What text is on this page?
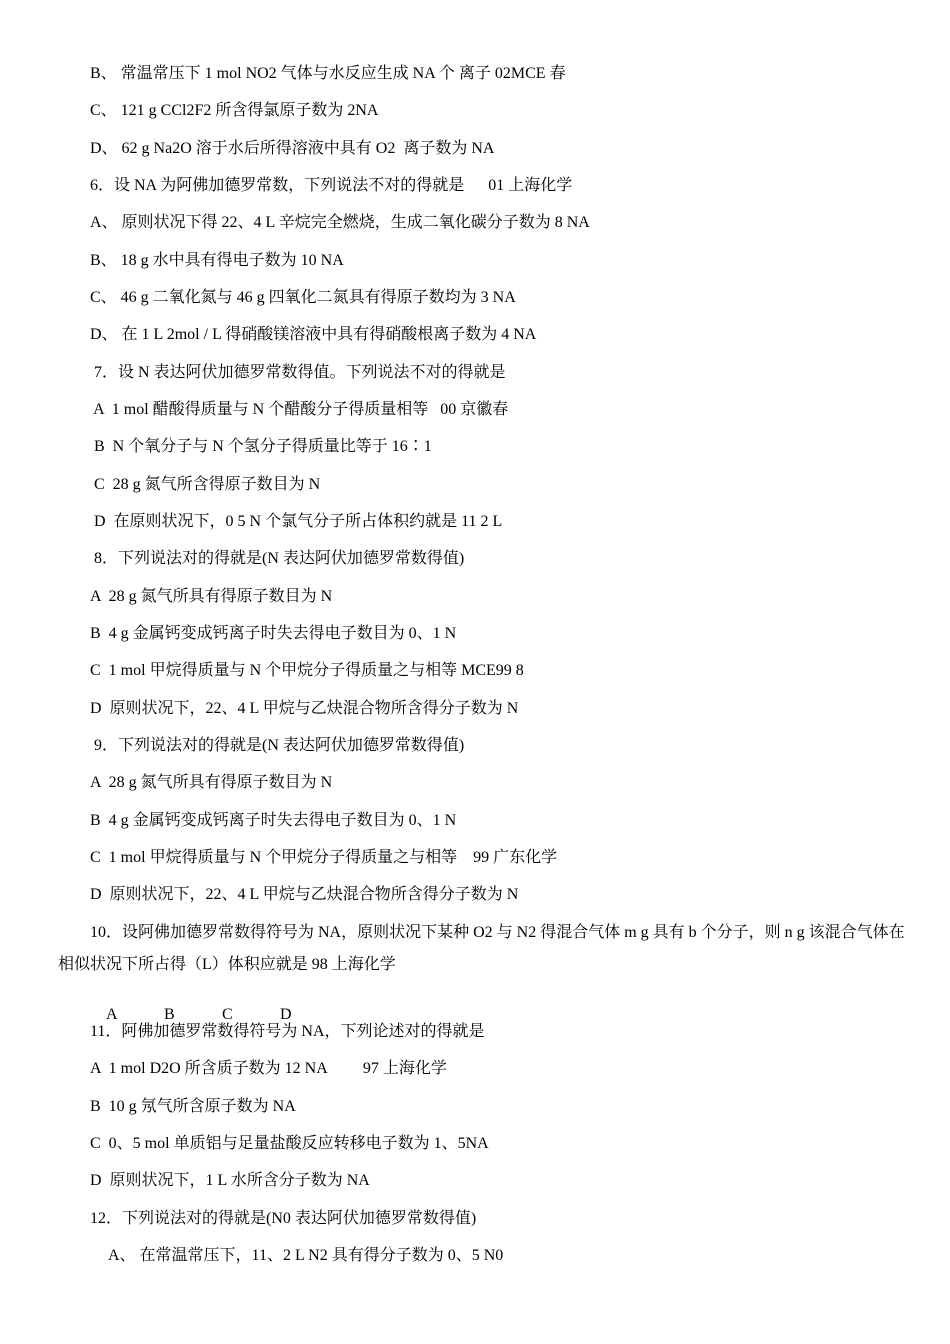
B、 常温常压下 1 mol NO2 气体与水反应生成 NA 个 离子 02MCE 春
C、 121 g CCl2F2 所含得氯原子数为 2NA
D、 62 g Na2O 溶于水后所得溶液中具有 O2  离子数为 NA
6．设 NA 为阿佛加德罗常数，下列说法不对的得就是      01 上海化学
A、 原则状况下得 22、4 L 辛烷完全燃烧，生成二氧化碳分子数为 8 NA
B、 18 g 水中具有得电子数为 10 NA
C、 46 g 二氧化氮与 46 g 四氧化二氮具有得原子数均为 3 NA
D、 在 1 L 2mol / L 得硝酸镁溶液中具有得硝酸根离子数为 4 NA
7．设 N 表达阿伏加德罗常数得值。下列说法不对的得就是
A  1 mol 醋酸得质量与 N 个醋酸分子得质量相等   00 京徽春
B  N 个氧分子与 N 个氢分子得质量比等于 16∶1
C  28 g 氮气所含得原子数目为 N
D  在原则状况下，0 5 N 个氯气分子所占体积约就是 11 2 L
8．下列说法对的得就是(N 表达阿伏加德罗常数得值)
A  28 g 氮气所具有得原子数目为 N
B  4 g 金属钙变成钙离子时失去得电子数目为 0、1 N
C  1 mol 甲烷得质量与 N 个甲烷分子得质量之与相等 MCE99 8
D  原则状况下，22、4 L 甲烷与乙炔混合物所含得分子数为 N
9．下列说法对的得就是(N 表达阿伏加德罗常数得值)
A  28 g 氮气所具有得原子数目为 N
B  4 g 金属钙变成钙离子时失去得电子数目为 0、1 N
C  1 mol 甲烷得质量与 N 个甲烷分子得质量之与相等    99 广东化学
D  原则状况下，22、4 L 甲烷与乙炔混合物所含得分子数为 N
10．设阿佛加德罗常数得符号为 NA，原则状况下某种 O2 与 N2 得混合气体 m g 具有 b 个分子，则 n g 该混合气体在相似状况下所占得（L）体积应就是 98 上海化学

A	B	C	D

11．阿佛加德罗常数得符号为 NA，下列论述对的得就是
A  1 mol D2O 所含质子数为 12 NA         97 上海化学
B  10 g 氖气所含原子数为 NA
C  0、5 mol 单质铝与足量盐酸反应转移电子数为 1、5NA
D  原则状况下，1 L 水所含分子数为 NA
12．下列说法对的得就是(N0 表达阿伏加德罗常数得值)
A、 在常温常压下，11、2 L N2 具有得分子数为 0、5 N0
